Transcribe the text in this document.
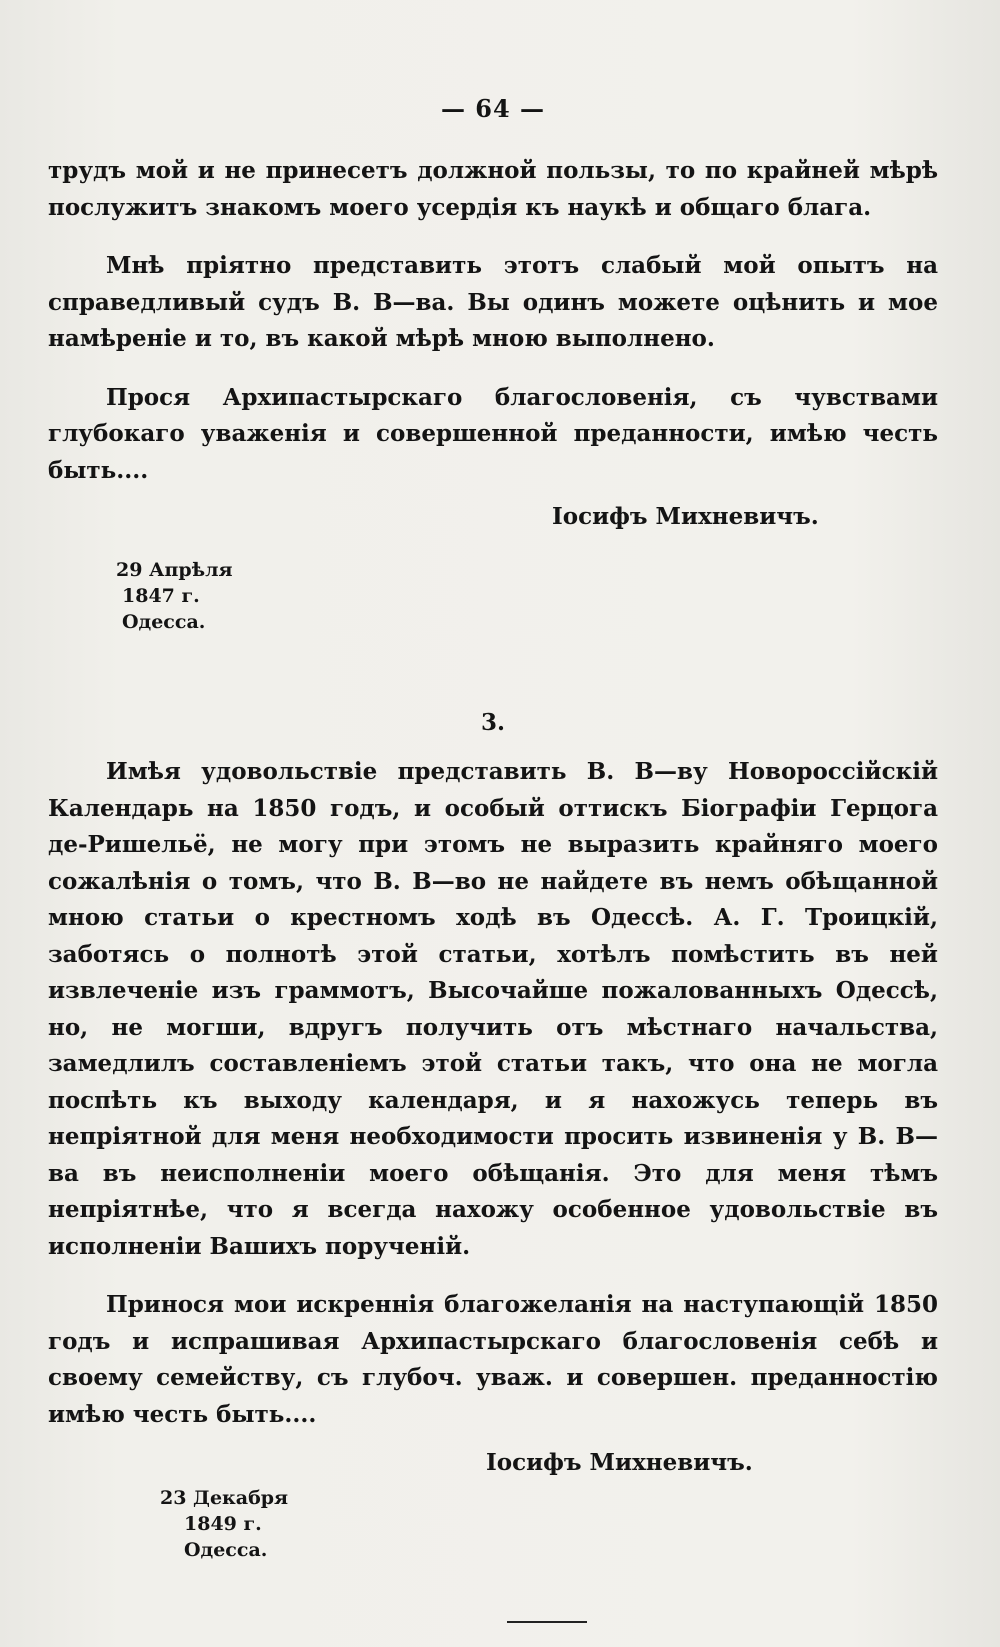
— 64 —

трудъ мой и не принесетъ должной пользы, то по крайней мѣрѣ послужитъ знакомъ моего усердія къ наукѣ и общаго блага.

Мнѣ пріятно представить этотъ слабый мой опытъ на справедливый судъ В. В—ва. Вы одинъ можете оцѣнить и мое намѣреніе и то, въ какой мѣрѣ мною выполнено.

Прося Архипастырскаго благословенія, съ чувствами глубокаго уваженія и совершенной преданности, имѣю честь быть....

Іосифъ Михневичъ.
29 Апрѣля
1847 г.
Одесса.
3.

Имѣя удовольствіе представить В. В—ву Новороссійскій Календарь на 1850 годъ, и особый оттискъ Біографіи Герцога де-Ришельё, не могу при этомъ не выразить крайняго моего сожалѣнія о томъ, что В. В—во не найдете въ немъ обѣщанной мною статьи о крестномъ ходѣ въ Одессѣ. А. Г. Троицкій, заботясь о полнотѣ этой статьи, хотѣлъ помѣстить въ ней извлеченіе изъ граммотъ, Высочайше пожалованныхъ Одессѣ, но, не могши, вдругъ получить отъ мѣстнаго начальства, замедлилъ составленіемъ этой статьи такъ, что она не могла поспѣть къ выходу календаря, и я нахожусь теперь въ непріятной для меня необходимости просить извиненія у В. В—ва въ неисполненіи моего обѣщанія. Это для меня тѣмъ непріятнѣе, что я всегда нахожу особенное удовольствіе въ исполненіи Вашихъ порученій.

Принося мои искреннія благожеланія на наступающій 1850 годъ и испрашивая Архипастырскаго благословенія себѣ и своему семейству, съ глубоч. уваж. и совершен. преданностію имѣю честь быть....

Іосифъ Михневичъ.
23 Декабря
1849 г.
Одесса.
